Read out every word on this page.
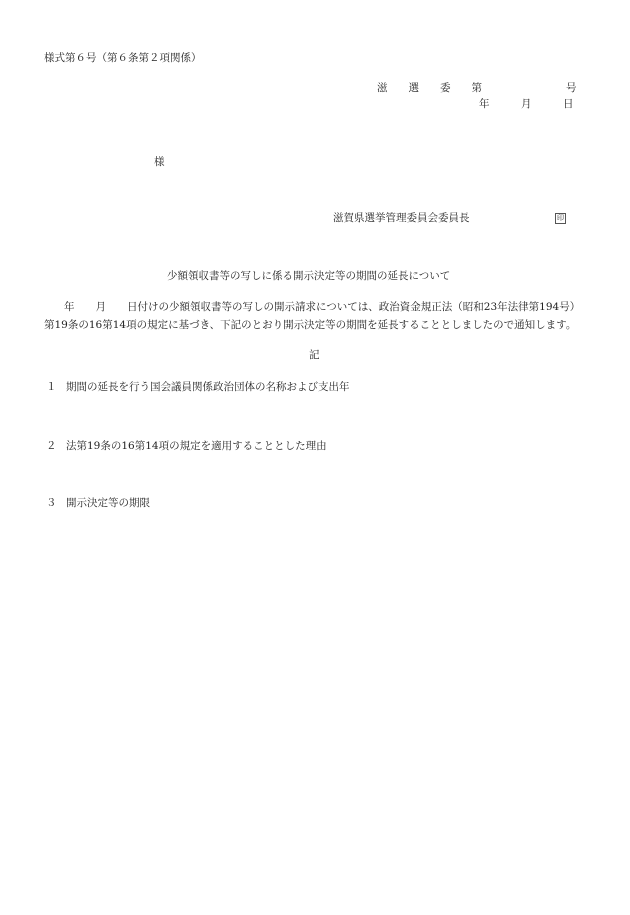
様式第６号（第６条第２項関係）
滋　　選　　委　　第　　　　　　　　号
年　　　月　　　日
様
滋賀県選挙管理委員会委員長	印
少額領収書等の写しに係る開示決定等の期間の延長について
年　　月　　日付けの少額領収書等の写しの開示請求については、政治資金規正法（昭和23年法律第194号）
第19条の16第14項の規定に基づき、下記のとおり開示決定等の期間を延長することとしましたので通知します。
記
１ 期間の延長を行う国会議員関係政治団体の名称および支出年
２ 法第19条の16第14項の規定を適用することとした理由
３ 開示決定等の期限
